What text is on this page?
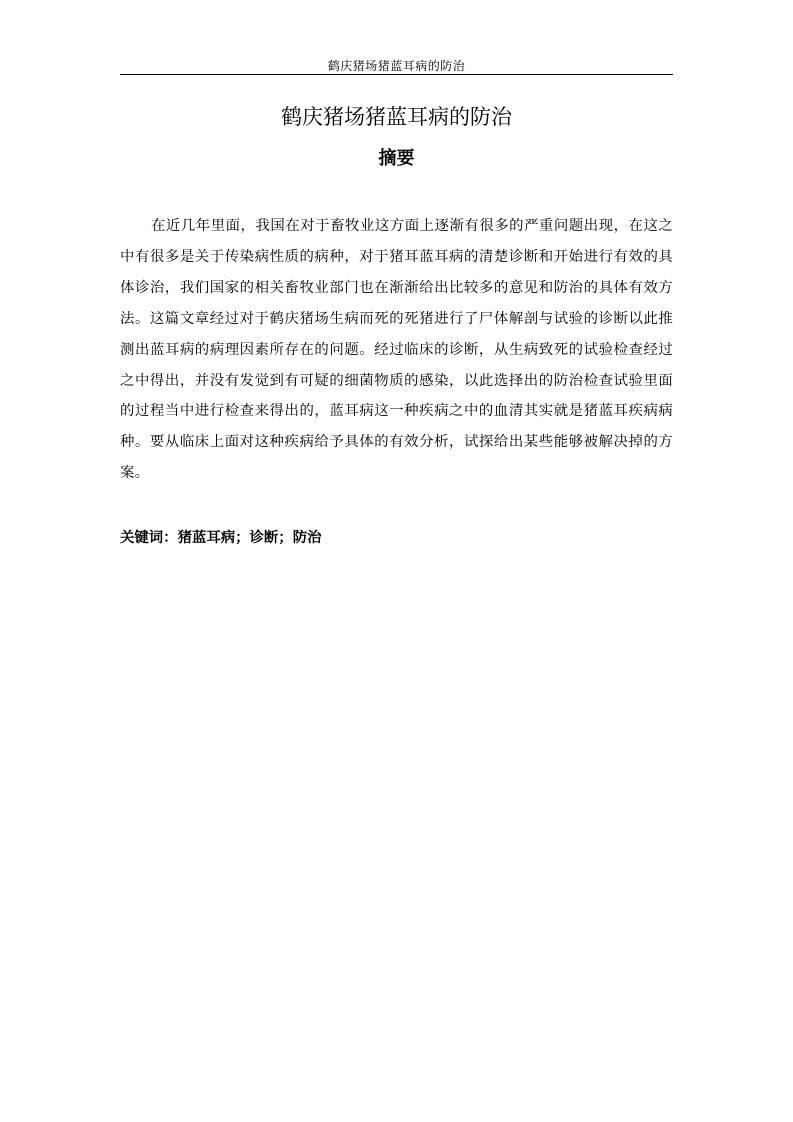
鹤庆猪场猪蓝耳病的防治
鹤庆猪场猪蓝耳病的防治
摘要

在近几年里面，我国在对于畜牧业这方面上逐渐有很多的严重问题出现，在这之中有很多是关于传染病性质的病种，对于猪耳蓝耳病的清楚诊断和开始进行有效的具体诊治，我们国家的相关畜牧业部门也在渐渐给出比较多的意见和防治的具体有效方法。这篇文章经过对于鹤庆猪场生病而死的死猪进行了尸体解剖与试验的诊断以此推测出蓝耳病的病理因素所存在的问题。经过临床的诊断，从生病致死的试验检查经过之中得出，并没有发觉到有可疑的细菌物质的感染，以此选择出的防治检查试验里面的过程当中进行检查来得出的，蓝耳病这一种疾病之中的血清其实就是猪蓝耳疾病病种。要从临床上面对这种疾病给予具体的有效分析，试探给出某些能够被解决掉的方案。

关键词：猪蓝耳病；诊断；防治
